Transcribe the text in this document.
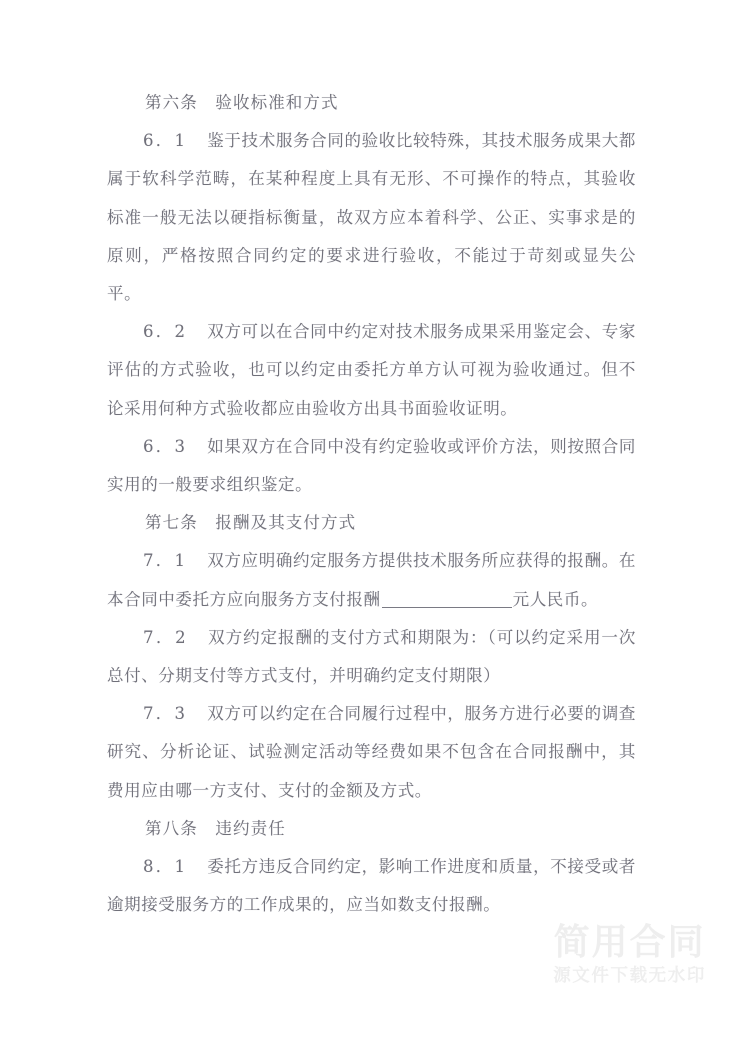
第六条　验收标准和方式

6．1 鉴于技术服务合同的验收比较特殊，其技术服务成果大都属于软科学范畴，在某种程度上具有无形、不可操作的特点，其验收标准一般无法以硬指标衡量，故双方应本着科学、公正、实事求是的原则，严格按照合同约定的要求进行验收，不能过于苛刻或显失公平。

6．2 双方可以在合同中约定对技术服务成果采用鉴定会、专家评估的方式验收，也可以约定由委托方单方认可视为验收通过。但不论采用何种方式验收都应由验收方出具书面验收证明。

6．3 如果双方在合同中没有约定验收或评价方法，则按照合同实用的一般要求组织鉴定。

第七条　报酬及其支付方式

7．1 双方应明确约定服务方提供技术服务所应获得的报酬。在本合同中委托方应向服务方支付报酬	元人民币。

7．2 双方约定报酬的支付方式和期限为：（可以约定采用一次总付、分期支付等方式支付，并明确约定支付期限）

7．3 双方可以约定在合同履行过程中，服务方进行必要的调查研究、分析论证、试验测定活动等经费如果不包含在合同报酬中，其费用应由哪一方支付、支付的金额及方式。

第八条　违约责任

8．1 委托方违反合同约定，影响工作进度和质量，不接受或者逾期接受服务方的工作成果的，应当如数支付报酬。

简用合同
源文件下载无水印
